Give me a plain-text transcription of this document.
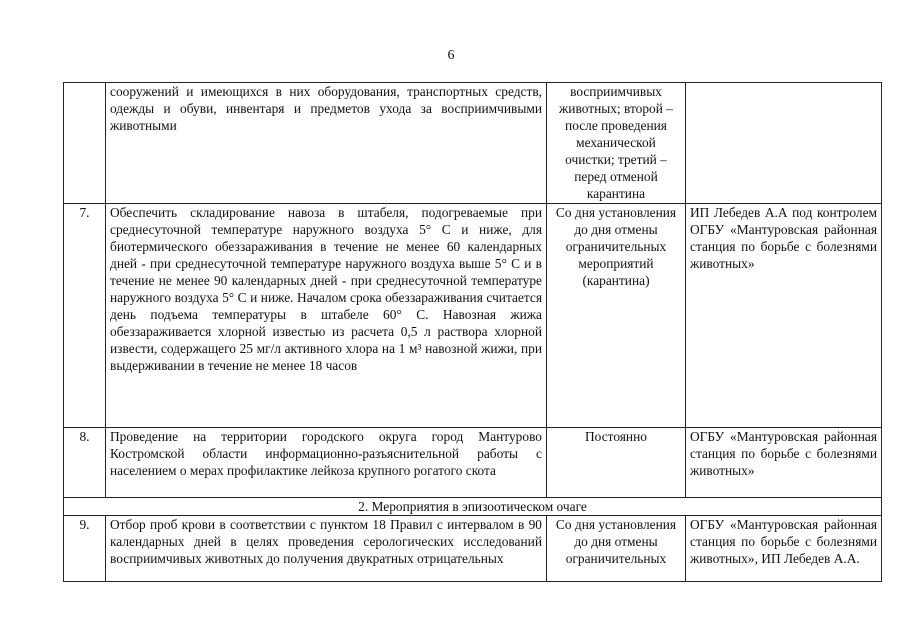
6
	сооружений и имеющихся в них оборудования, транспортных средств, одежды и обуви, инвентаря и предметов ухода за восприимчивыми животными	восприимчивых животных; второй – после проведения механической очистки; третий – перед отменой карантина	
7.	Обеспечить складирование навоза в штабеля, подогреваемые при среднесуточной температуре наружного воздуха 5° С и ниже, для биотермического обеззараживания в течение не менее 60 календарных дней - при среднесуточной температуре наружного воздуха выше 5° С и в течение не менее 90 календарных дней - при среднесуточной температуре наружного воздуха 5° С и ниже. Началом срока обеззараживания считается день подъема температуры в штабеле 60° С. Навозная жижа обеззараживается хлорной известью из расчета 0,5 л раствора хлорной извести, содержащего 25 мг/л активного хлора на 1 м³ навозной жижи, при выдерживании в течение не менее 18 часов	Со дня установления до дня отмены ограничительных мероприятий (карантина)	ИП Лебедев А.А под контролем ОГБУ «Мантуровская районная станция по борьбе с болезнями животных»
8.	Проведение на территории городского округа город Мантурово Костромской области информационно-разъяснительной работы с населением о мерах профилактике лейкоза крупного рогатого скота	Постоянно	ОГБУ «Мантуровская районная станция по борьбе с болезнями животных»
2. Мероприятия в эпизоотическом очаге			
9.	Отбор проб крови в соответствии с пунктом 18 Правил с интервалом в 90 календарных дней в целях проведения серологических исследований восприимчивых животных до получения двукратных отрицательных	Со дня установления до дня отмены ограничительных	ОГБУ «Мантуровская районная станция по борьбе с болезнями животных», ИП Лебедев А.А.
